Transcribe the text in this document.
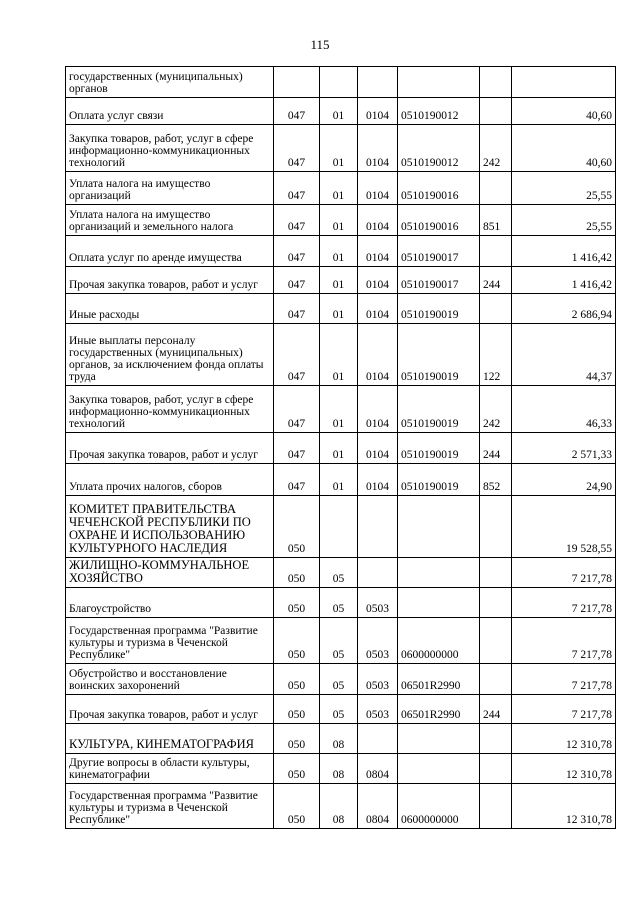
115
государственных (муниципальных) органов						
Оплата услуг связи	047	01	0104	0510190012		40,60
Закупка товаров, работ, услуг в сфере информационно-коммуникационных технологий	047	01	0104	0510190012	242	40,60
Уплата налога на имущество организаций	047	01	0104	0510190016		25,55
Уплата налога на имущество организаций и земельного налога	047	01	0104	0510190016	851	25,55
Оплата услуг по аренде имущества	047	01	0104	0510190017		1 416,42
Прочая закупка товаров, работ и услуг	047	01	0104	0510190017	244	1 416,42
Иные расходы	047	01	0104	0510190019		2 686,94
Иные выплаты персоналу государственных (муниципальных) органов, за исключением фонда оплаты труда	047	01	0104	0510190019	122	44,37
Закупка товаров, работ, услуг в сфере информационно-коммуникационных технологий	047	01	0104	0510190019	242	46,33
Прочая закупка товаров, работ и услуг	047	01	0104	0510190019	244	2 571,33
Уплата прочих налогов, сборов	047	01	0104	0510190019	852	24,90
КОМИТЕТ ПРАВИТЕЛЬСТВА ЧЕЧЕНСКОЙ РЕСПУБЛИКИ ПО ОХРАНЕ И ИСПОЛЬЗОВАНИЮ КУЛЬТУРНОГО НАСЛЕДИЯ	050					19 528,55
ЖИЛИЩНО-КОММУНАЛЬНОЕ ХОЗЯЙСТВО	050	05				7 217,78
Благоустройство	050	05	0503			7 217,78
Государственная программа "Развитие культуры и туризма в Чеченской Республике"	050	05	0503	0600000000		7 217,78
Обустройство и восстановление воинских захоронений	050	05	0503	06501R2990		7 217,78
Прочая закупка товаров, работ и услуг	050	05	0503	06501R2990	244	7 217,78
КУЛЬТУРА, КИНЕМАТОГРАФИЯ	050	08				12 310,78
Другие вопросы в области культуры, кинематографии	050	08	0804			12 310,78
Государственная программа "Развитие культуры и туризма в Чеченской Республике"	050	08	0804	0600000000		12 310,78
